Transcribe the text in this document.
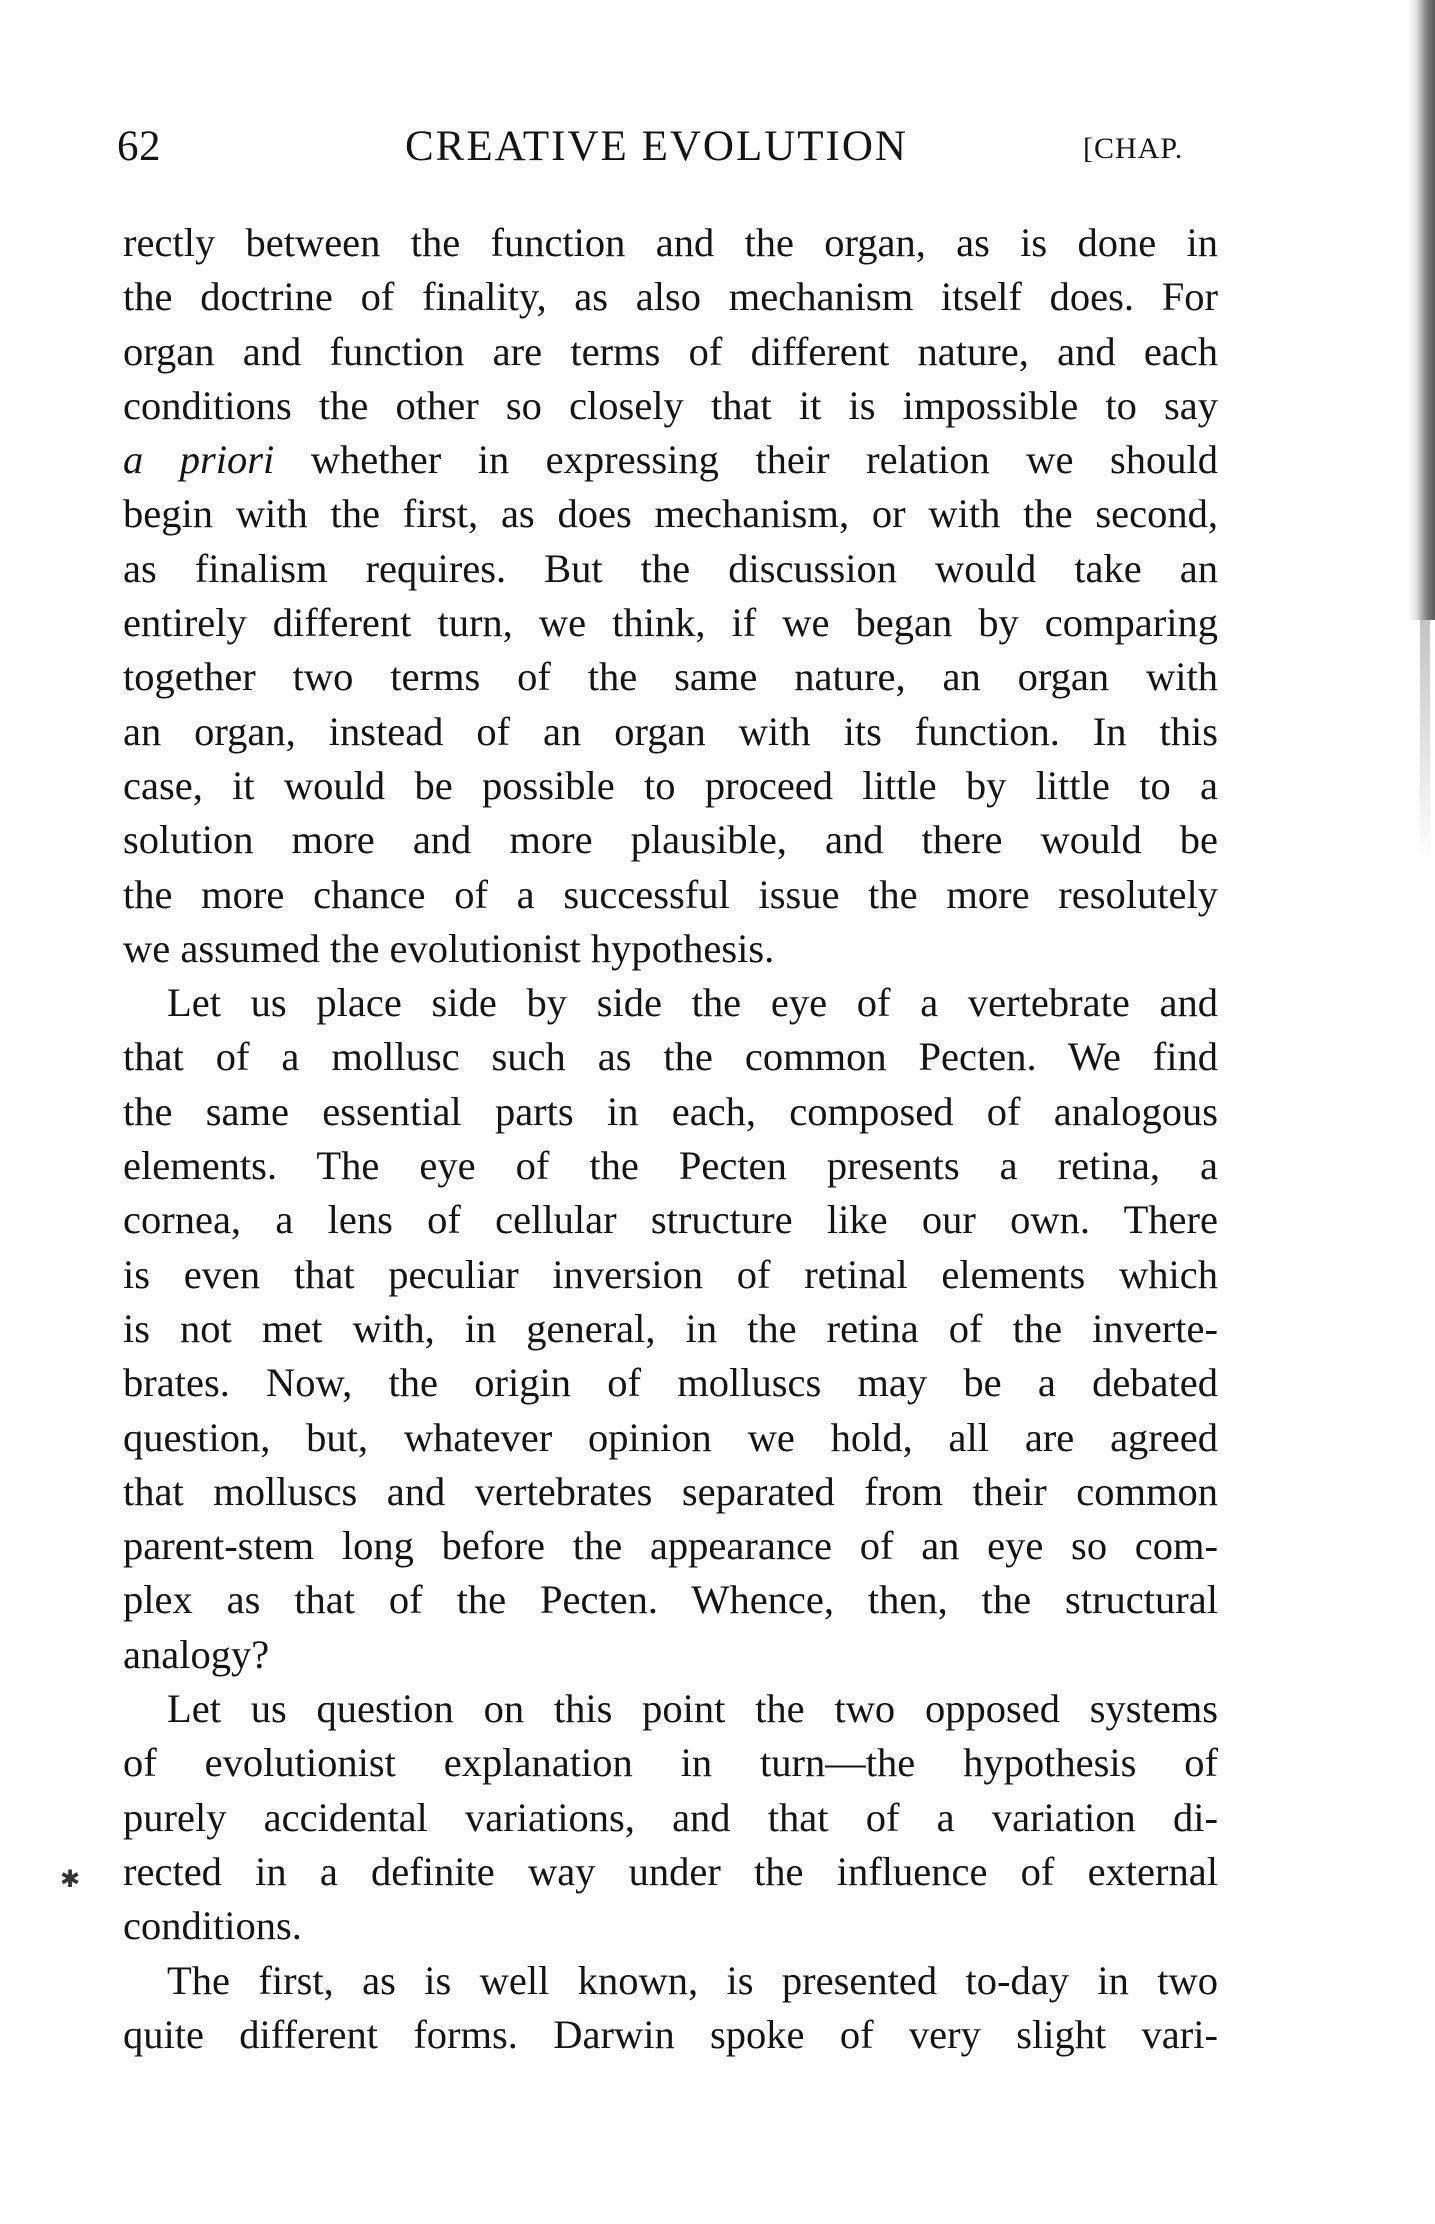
62	CREATIVE EVOLUTION	[CHAP.
rectly between the function and the organ, as is done in
the doctrine of finality, as also mechanism itself does. For
organ and function are terms of different nature, and each
conditions the other so closely that it is impossible to say
a priori whether in expressing their relation we should
begin with the first, as does mechanism, or with the second,
as finalism requires. But the discussion would take an
entirely different turn, we think, if we began by comparing
together two terms of the same nature, an organ with
an organ, instead of an organ with its function. In this
case, it would be possible to proceed little by little to a
solution more and more plausible, and there would be
the more chance of a successful issue the more resolutely
we assumed the evolutionist hypothesis.
Let us place side by side the eye of a vertebrate and
that of a mollusc such as the common Pecten. We find
the same essential parts in each, composed of analogous
elements. The eye of the Pecten presents a retina, a
cornea, a lens of cellular structure like our own. There
is even that peculiar inversion of retinal elements which
is not met with, in general, in the retina of the inverte-
brates. Now, the origin of molluscs may be a debated
question, but, whatever opinion we hold, all are agreed
that molluscs and vertebrates separated from their common
parent-stem long before the appearance of an eye so com-
plex as that of the Pecten. Whence, then, the structural
analogy?
Let us question on this point the two opposed systems
of evolutionist explanation in turn—the hypothesis of
purely accidental variations, and that of a variation di-
rected in a definite way under the influence of external
conditions.
The first, as is well known, is presented to-day in two
quite different forms. Darwin spoke of very slight vari-
✱
